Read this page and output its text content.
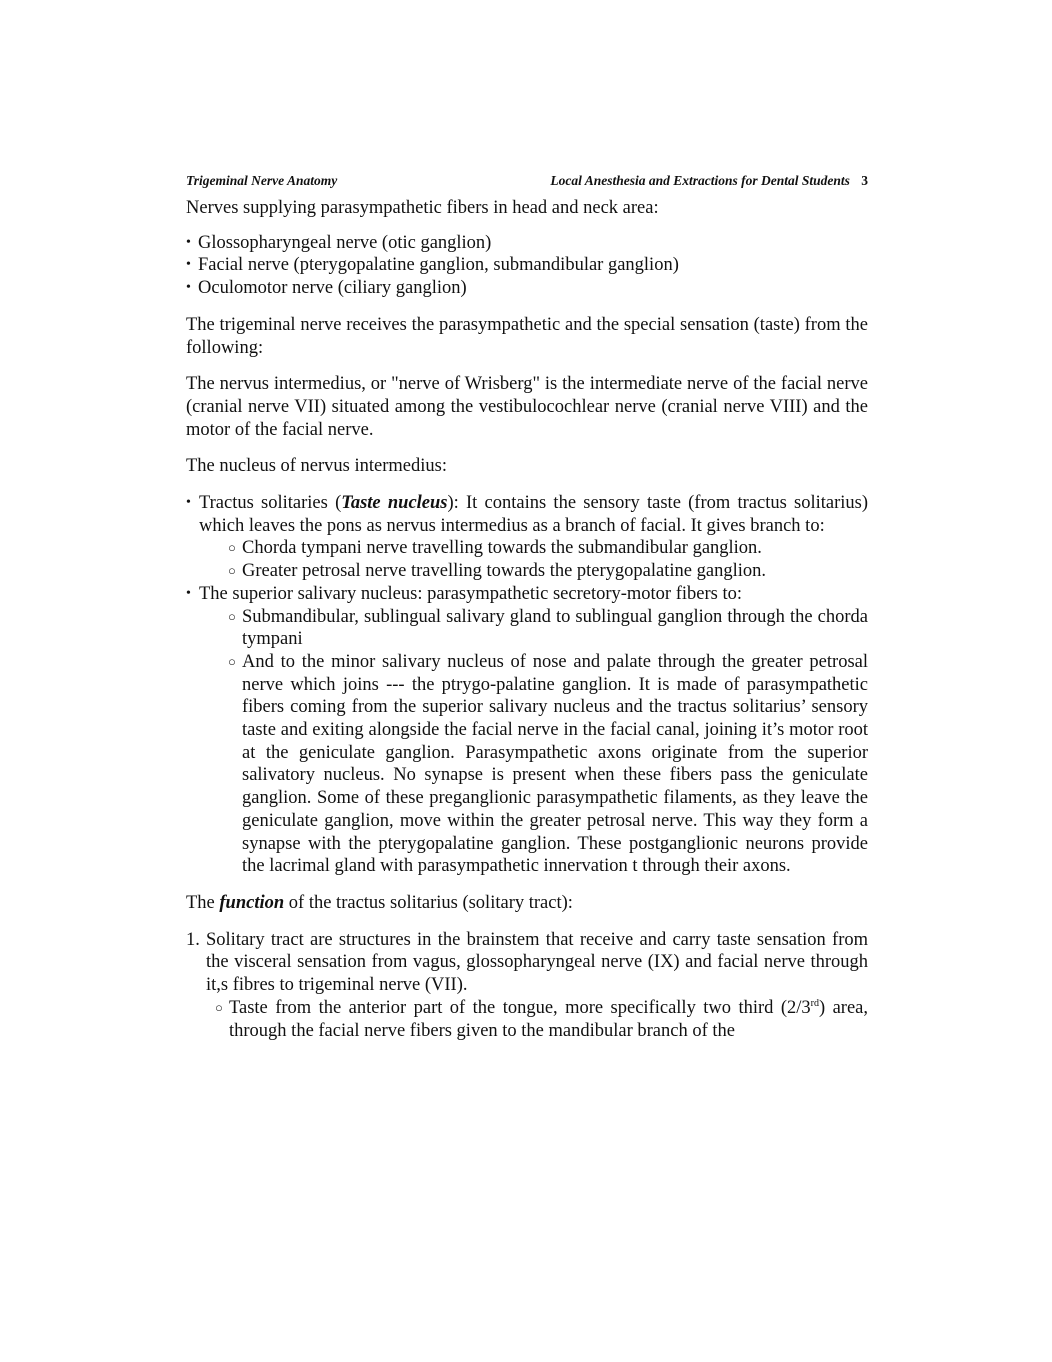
Trigeminal Nerve Anatomy	Local Anesthesia and Extractions for Dental Students 3

Nerves supplying parasympathetic fibers in head and neck area:

• Glossopharyngeal nerve (otic ganglion)
• Facial nerve (pterygopalatine ganglion, submandibular ganglion)
• Oculomotor nerve (ciliary ganglion)

The trigeminal nerve receives the parasympathetic and the special sensation (taste) from the following:

The nervus intermedius, or "nerve of Wrisberg" is the intermediate nerve of the facial nerve (cranial nerve VII) situated among the vestibulocochlear nerve (cranial nerve VIII) and the motor of the facial nerve.

The nucleus of nervus intermedius:

• Tractus solitaries (Taste nucleus): It contains the sensory taste (from tractus solitarius) which leaves the pons as nervus intermedius as a branch of facial. It gives branch to:
○ Chorda tympani nerve travelling towards the submandibular ganglion.
○ Greater petrosal nerve travelling towards the pterygopalatine ganglion.
• The superior salivary nucleus: parasympathetic secretory-motor fibers to:
○ Submandibular, sublingual salivary gland to sublingual ganglion through the chorda tympani
○ And to the minor salivary nucleus of nose and palate through the greater petrosal nerve which joins --- the ptrygo-palatine ganglion. It is made of parasympathetic fibers coming from the superior salivary nucleus and the tractus solitarius’ sensory taste and exiting alongside the facial nerve in the facial canal, joining it’s motor root at the geniculate ganglion. Parasympathetic axons originate from the superior salivatory nucleus. No synapse is present when these fibers pass the geniculate ganglion. Some of these preganglionic parasympathetic filaments, as they leave the geniculate ganglion, move within the greater petrosal nerve. This way they form a synapse with the pterygopalatine ganglion. These postganglionic neurons provide the lacrimal gland with parasympathetic innervation t through their axons.

The function of the tractus solitarius (solitary tract):

1. Solitary tract are structures in the brainstem that receive and carry taste sensation from the visceral sensation from vagus, glossopharyngeal nerve (IX) and facial nerve through it,s fibres to trigeminal nerve (VII).
○ Taste from the anterior part of the tongue, more specifically two third (2/3rd) area, through the facial nerve fibers given to the mandibular branch of the
